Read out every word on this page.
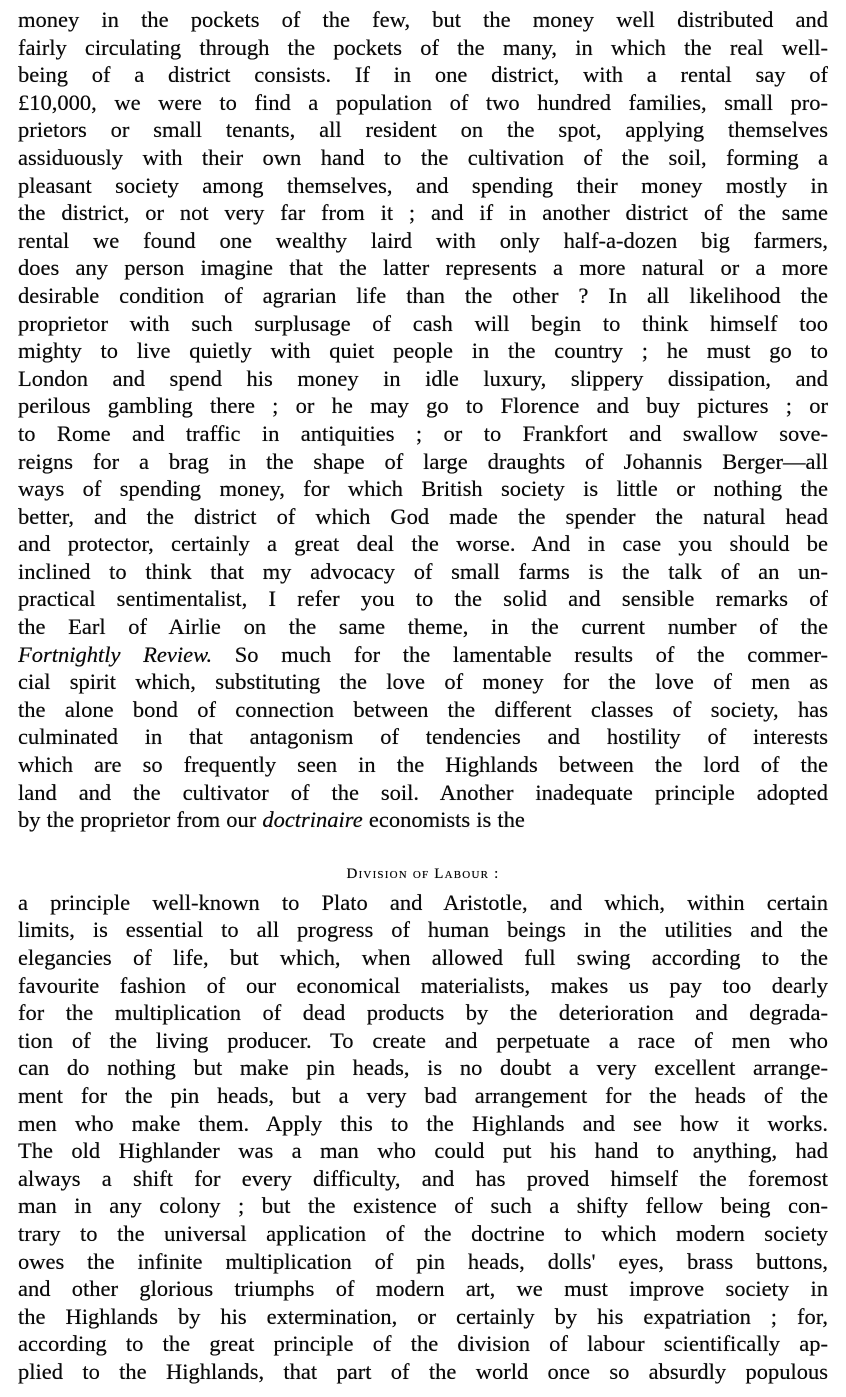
money in the pockets of the few, but the money well distributed and
fairly circulating through the pockets of the many, in which the real well-
being of a district consists. If in one district, with a rental say of
£10,000, we were to find a population of two hundred families, small pro-
prietors or small tenants, all resident on the spot, applying themselves
assiduously with their own hand to the cultivation of the soil, forming a
pleasant society among themselves, and spending their money mostly in
the district, or not very far from it ; and if in another district of the same
rental we found one wealthy laird with only half-a-dozen big farmers,
does any person imagine that the latter represents a more natural or a more
desirable condition of agrarian life than the other ? In all likelihood the
proprietor with such surplusage of cash will begin to think himself too
mighty to live quietly with quiet people in the country ; he must go to
London and spend his money in idle luxury, slippery dissipation, and
perilous gambling there ; or he may go to Florence and buy pictures ; or
to Rome and traffic in antiquities ; or to Frankfort and swallow sove-
reigns for a brag in the shape of large draughts of Johannis Berger—all
ways of spending money, for which British society is little or nothing the
better, and the district of which God made the spender the natural head
and protector, certainly a great deal the worse. And in case you should be
inclined to think that my advocacy of small farms is the talk of an un-
practical sentimentalist, I refer you to the solid and sensible remarks of
the Earl of Airlie on the same theme, in the current number of the
Fortnightly Review. So much for the lamentable results of the commer-
cial spirit which, substituting the love of money for the love of men as
the alone bond of connection between the different classes of society, has
culminated in that antagonism of tendencies and hostility of interests
which are so frequently seen in the Highlands between the lord of the
land and the cultivator of the soil. Another inadequate principle adopted
by the proprietor from our doctrinaire economists is the
Division of Labour :
a principle well-known to Plato and Aristotle, and which, within certain
limits, is essential to all progress of human beings in the utilities and the
elegancies of life, but which, when allowed full swing according to the
favourite fashion of our economical materialists, makes us pay too dearly
for the multiplication of dead products by the deterioration and degrada-
tion of the living producer. To create and perpetuate a race of men who
can do nothing but make pin heads, is no doubt a very excellent arrange-
ment for the pin heads, but a very bad arrangement for the heads of the
men who make them. Apply this to the Highlands and see how it works.
The old Highlander was a man who could put his hand to anything, had
always a shift for every difficulty, and has proved himself the foremost
man in any colony ; but the existence of such a shifty fellow being con-
trary to the universal application of the doctrine to which modern society
owes the infinite multiplication of pin heads, dolls' eyes, brass buttons,
and other glorious triumphs of modern art, we must improve society in
the Highlands by his extermination, or certainly by his expatriation ; for,
according to the great principle of the division of labour scientifically ap-
plied to the Highlands, that part of the world once so absurdly populous
